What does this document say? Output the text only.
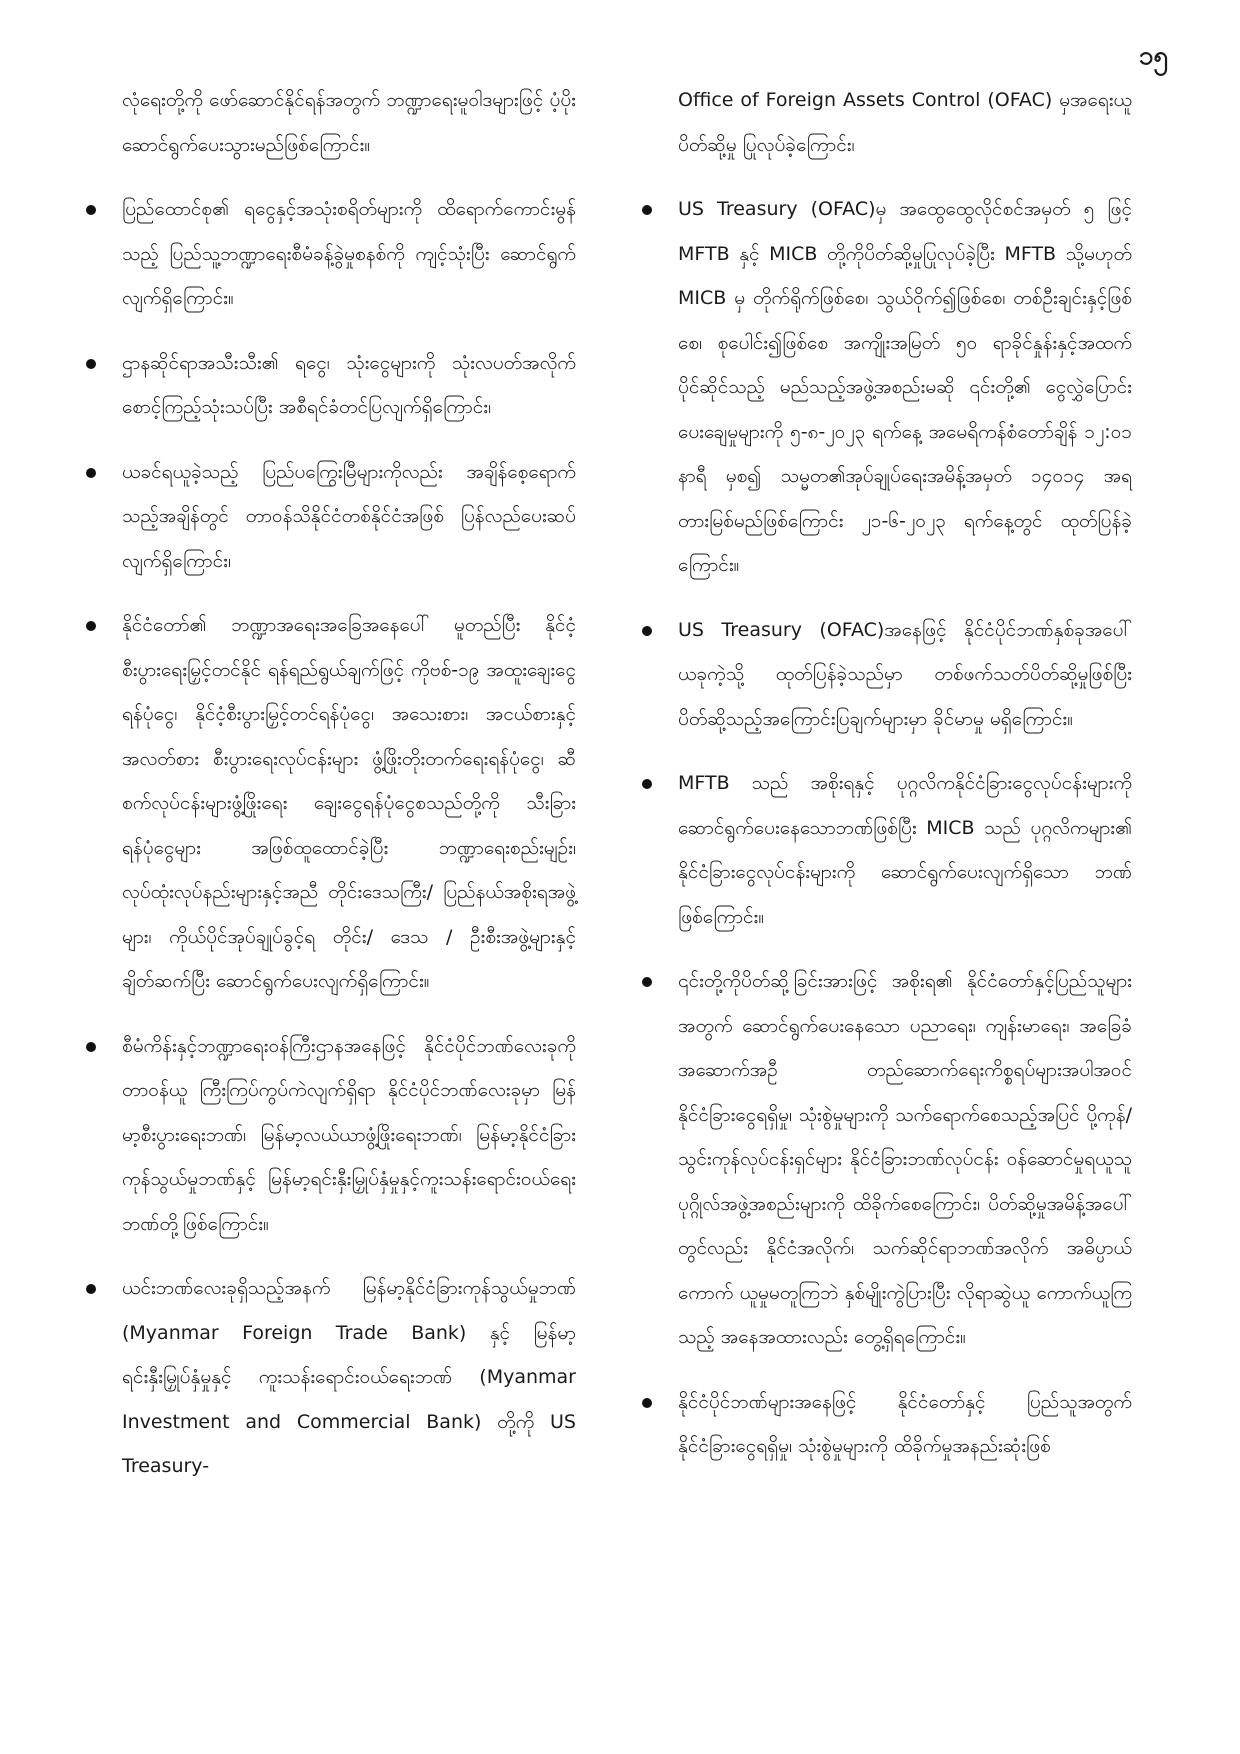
၁၅

လုံရေးတို့ကို ဖော်ဆောင်နိုင်ရန်အတွက် ဘဏ္ဍာရေးမူဝါဒများဖြင့် ပံ့ပိုးဆောင်ရွက်ပေးသွားမည်ဖြစ်ကြောင်း။

ပြည်ထောင်စု၏ ရငွေနှင့်အသုံးစရိတ်များကို ထိရောက်ကောင်းမွန်သည့် ပြည်သူ့ဘဏ္ဍာရေးစီမံခန့်ခွဲမှုစနစ်ကို ကျင့်သုံးပြီး ဆောင်ရွက်လျက်ရှိကြောင်း။

ဌာနဆိုင်ရာအသီးသီး၏ ရငွေ၊ သုံးငွေများကို သုံးလပတ်အလိုက် စောင့်ကြည့်သုံးသပ်ပြီး အစီရင်ခံတင်ပြလျက်ရှိကြောင်း၊

ယခင်ရယူခဲ့သည့် ပြည်ပကြွေးမြီများကိုလည်း အချိန်စေ့ရောက်သည့်အချိန်တွင် တာဝန်သိနိုင်ငံတစ်နိုင်ငံအဖြစ် ပြန်လည်ပေးဆပ်လျက်ရှိကြောင်း၊

နိုင်ငံတော်၏ ဘဏ္ဍာအရေးအခြေအနေပေါ် မူတည်ပြီး နိုင်ငံ့စီးပွားရေးမြှင့်တင်နိုင် ရန်ရည်ရွယ်ချက်ဖြင့် ကိုဗစ်-၁၉ အထူးချေးငွေ ရန်ပုံငွေ၊ နိုင်ငံ့စီးပွားမြှင့်တင်ရန်ပုံငွေ၊ အသေးစား၊ အငယ်စားနှင့် အလတ်စား စီးပွားရေးလုပ်ငန်းများ ဖွံ့ဖြိုးတိုးတက်ရေးရန်ပုံငွေ၊ ဆီစက်လုပ်ငန်းများဖွံ့ဖြိုးရေး ချေးငွေရန်ပုံငွေစသည်တို့ကို သီးခြားရန်ပုံငွေများ အဖြစ်ထူထောင်ခဲ့ပြီး ဘဏ္ဍာရေးစည်းမျဉ်း၊ လုပ်ထုံးလုပ်နည်းများနှင့်အညီ တိုင်းဒေသကြီး/ ပြည်နယ်အစိုးရအဖွဲ့များ၊ ကိုယ်ပိုင်အုပ်ချုပ်ခွင့်ရ တိုင်း/ ဒေသ / ဦးစီးအဖွဲ့များနှင့် ချိတ်ဆက်ပြီး ဆောင်ရွက်ပေးလျက်ရှိကြောင်း။

စီမံကိန်းနှင့်ဘဏ္ဍာရေးဝန်ကြီးဌာနအနေဖြင့် နိုင်ငံပိုင်ဘဏ်လေးခုကို တာဝန်ယူ ကြီးကြပ်ကွပ်ကဲလျက်ရှိရာ နိုင်ငံပိုင်ဘဏ်လေးခုမှာ မြန်မာ့စီးပွားရေးဘဏ်၊ မြန်မာ့လယ်ယာဖွံ့ဖြိုးရေးဘဏ်၊ မြန်မာ့နိုင်ငံခြားကုန်သွယ်မှုဘဏ်နှင့် မြန်မာ့ရင်းနှီးမြှုပ်နှံမှုနှင့်ကူးသန်းရောင်းဝယ်ရေးဘဏ်တို့ဖြစ်ကြောင်း။

ယင်းဘဏ်လေးခုရှိသည့်အနက် မြန်မာ့နိုင်ငံခြားကုန်သွယ်မှုဘဏ် (Myanmar Foreign Trade Bank) နှင့် မြန်မာ့ရင်းနှီးမြှုပ်နှံမှုနှင့် ကူးသန်းရောင်းဝယ်ရေးဘဏ် (Myanmar Investment and Commercial Bank) တို့ကို US Treasury-

Office of Foreign Assets Control (OFAC) မှအရေးယူပိတ်ဆို့မှု ပြုလုပ်ခဲ့ကြောင်း၊

US Treasury (OFAC)မှ အထွေထွေလိုင်စင်အမှတ် ၅ ဖြင့် MFTB နှင့် MICB တို့ကိုပိတ်ဆို့မှုပြုလုပ်ခဲ့ပြီး MFTB သို့မဟုတ် MICB မှ တိုက်ရိုက်ဖြစ်စေ၊ သွယ်ဝိုက်၍ဖြစ်စေ၊ တစ်ဦးချင်းနှင့်ဖြစ်စေ၊ စုပေါင်း၍ဖြစ်စေ အကျိုးအမြတ် ၅၀ ရာခိုင်နှုန်းနှင့်အထက်ပိုင်ဆိုင်သည့် မည်သည့်အဖွဲ့အစည်းမဆို ၎င်းတို့၏ ငွေလွှဲပြောင်းပေးချေမှုများကို ၅-၈-၂၀၂၃ ရက်နေ့ အမေရိကန်စံတော်ချိန် ၁၂:၀၁ နာရီ မှစ၍ သမ္မတ၏အုပ်ချုပ်ရေးအမိန့်အမှတ် ၁၄၀၁၄ အရတားမြစ်မည်ဖြစ်ကြောင်း ၂၁-၆-၂၀၂၃ ရက်နေ့တွင် ထုတ်ပြန်ခဲ့ကြောင်း။

US Treasury (OFAC)အနေဖြင့် နိုင်ငံပိုင်ဘဏ်နှစ်ခုအပေါ် ယခုကဲ့သို့ ထုတ်ပြန်ခဲ့သည်မှာ တစ်ဖက်သတ်ပိတ်ဆို့မှုဖြစ်ပြီး ပိတ်ဆို့သည့်အကြောင်းပြချက်များမှာ ခိုင်မာမှု မရှိကြောင်း။

MFTB သည် အစိုးရနှင့် ပုဂ္ဂလိကနိုင်ငံခြားငွေလုပ်ငန်းများကို ဆောင်ရွက်ပေးနေသောဘဏ်ဖြစ်ပြီး MICB သည် ပုဂ္ဂလိကများ၏ နိုင်ငံခြားငွေလုပ်ငန်းများကို ဆောင်ရွက်ပေးလျက်ရှိသော ဘဏ်ဖြစ်ကြောင်း။

၎င်းတို့ကိုပိတ်ဆို့ခြင်းအားဖြင့် အစိုးရ၏ နိုင်ငံတော်နှင့်ပြည်သူများအတွက် ဆောင်ရွက်ပေးနေသော ပညာရေး၊ ကျန်းမာရေး၊ အခြေခံအဆောက်အဦ တည်ဆောက်ရေးကိစ္စရပ်များအပါအဝင် နိုင်ငံခြားငွေရရှိမှု၊ သုံးစွဲမှုများကို သက်ရောက်စေသည့်အပြင် ပို့ကုန်/သွင်းကုန်လုပ်ငန်းရှင်များ နိုင်ငံခြားဘဏ်လုပ်ငန်း ဝန်ဆောင်မှုရယူသူ ပုဂ္ဂိုလ်အဖွဲ့အစည်းများကို ထိခိုက်စေကြောင်း၊ ပိတ်ဆို့မှုအမိန့်အပေါ်တွင်လည်း နိုင်ငံအလိုက်၊ သက်ဆိုင်ရာဘဏ်အလိုက် အဓိပ္ပာယ်ကောက် ယူမှုမတူကြဘဲ နှစ်မျိုးကွဲပြားပြီး လိုရာဆွဲယူ ကောက်ယူကြသည့် အနေအထားလည်း တွေ့ရှိရကြောင်း။

နိုင်ငံပိုင်ဘဏ်များအနေဖြင့် နိုင်ငံတော်နှင့် ပြည်သူအတွက် နိုင်ငံခြားငွေရရှိမှု၊ သုံးစွဲမှုများကို ထိခိုက်မှုအနည်းဆုံးဖြစ်
